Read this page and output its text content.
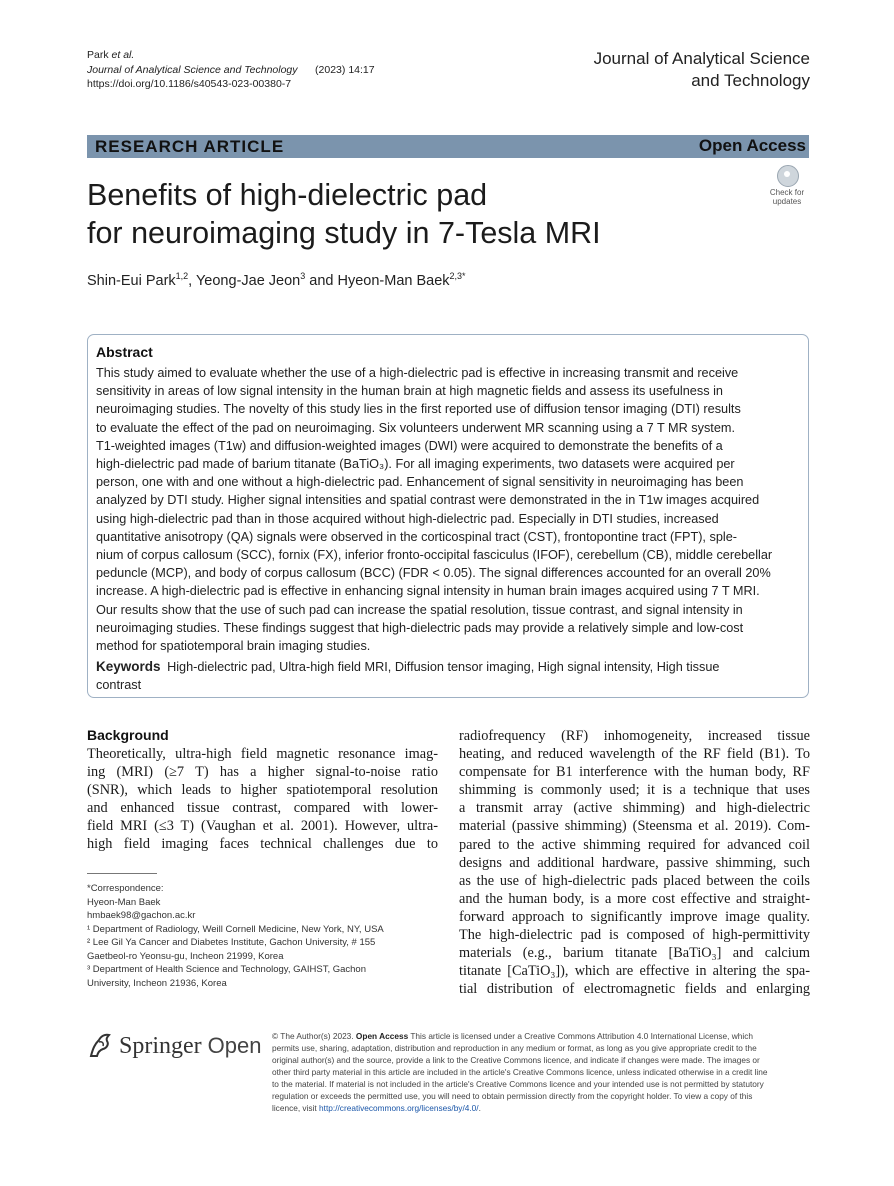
Park et al.
Journal of Analytical Science and Technology (2023) 14:17
https://doi.org/10.1186/s40543-023-00380-7
Journal of Analytical Science
and Technology
RESEARCH ARTICLE	Open Access
Benefits of high-dielectric pad
for neuroimaging study in 7-Tesla MRI
Check for
updates
Shin-Eui Park$^{1,2}$, Yeong-Jae Jeon$^3$ and Hyeon-Man Baek$^{2,3*}$
Abstract
This study aimed to evaluate whether the use of a high-dielectric pad is effective in increasing transmit and receive
sensitivity in areas of low signal intensity in the human brain at high magnetic fields and assess its usefulness in
neuroimaging studies. The novelty of this study lies in the first reported use of diffusion tensor imaging (DTI) results
to evaluate the effect of the pad on neuroimaging. Six volunteers underwent MR scanning using a 7 T MR system.
T1-weighted images (T1w) and diffusion-weighted images (DWI) were acquired to demonstrate the benefits of a
high-dielectric pad made of barium titanate (BaTiO₃). For all imaging experiments, two datasets were acquired per
person, one with and one without a high-dielectric pad. Enhancement of signal sensitivity in neuroimaging has been
analyzed by DTI study. Higher signal intensities and spatial contrast were demonstrated in the in T1w images acquired
using high-dielectric pad than in those acquired without high-dielectric pad. Especially in DTI studies, increased
quantitative anisotropy (QA) signals were observed in the corticospinal tract (CST), frontopontine tract (FPT), sple-
nium of corpus callosum (SCC), fornix (FX), inferior fronto-occipital fasciculus (IFOF), cerebellum (CB), middle cerebellar
peduncle (MCP), and body of corpus callosum (BCC) (FDR < 0.05). The signal differences accounted for an overall 20%
increase. A high-dielectric pad is effective in enhancing signal intensity in human brain images acquired using 7 T MRI.
Our results show that the use of such pad can increase the spatial resolution, tissue contrast, and signal intensity in
neuroimaging studies. These findings suggest that high-dielectric pads may provide a relatively simple and low-cost
method for spatiotemporal brain imaging studies.
Keywords High-dielectric pad, Ultra-high field MRI, Diffusion tensor imaging, High signal intensity, High tissue
contrast
Background
Theoretically, ultra-high field magnetic resonance imag-
ing (MRI) (≥7 T) has a higher signal-to-noise ratio
(SNR), which leads to higher spatiotemporal resolution
and enhanced tissue contrast, compared with lower-
field MRI (≤3 T) (Vaughan et al. 2001). However, ultra-
high field imaging faces technical challenges due to
radiofrequency (RF) inhomogeneity, increased tissue
heating, and reduced wavelength of the RF field (B1). To
compensate for B1 interference with the human body, RF
shimming is commonly used; it is a technique that uses
a transmit array (active shimming) and high-dielectric
material (passive shimming) (Steensma et al. 2019). Com-
pared to the active shimming required for advanced coil
designs and additional hardware, passive shimming, such
as the use of high-dielectric pads placed between the coils
and the human body, is a more cost effective and straight-
forward approach to significantly improve image quality.
The high-dielectric pad is composed of high-permittivity
materials (e.g., barium titanate [BaTiO₃] and calcium
titanate [CaTiO₃]), which are effective in altering the spa-
tial distribution of electromagnetic fields and enlarging
*Correspondence:
Hyeon-Man Baek
hmbaek98@gachon.ac.kr
¹ Department of Radiology, Weill Cornell Medicine, New York, NY, USA
² Lee Gil Ya Cancer and Diabetes Institute, Gachon University, # 155
Gaetbeol-ro Yeonsu-gu, Incheon 21999, Korea
³ Department of Health Science and Technology, GAIHST, Gachon
University, Incheon 21936, Korea
Springer Open © The Author(s) 2023. Open Access This article is licensed under a Creative Commons Attribution 4.0 International License, which
permits use, sharing, adaptation, distribution and reproduction in any medium or format, as long as you give appropriate credit to the
original author(s) and the source, provide a link to the Creative Commons licence, and indicate if changes were made. The images or
other third party material in this article are included in the article's Creative Commons licence, unless indicated otherwise in a credit line
to the material. If material is not included in the article's Creative Commons licence and your intended use is not permitted by statutory
regulation or exceeds the permitted use, you will need to obtain permission directly from the copyright holder. To view a copy of this
licence, visit http://creativecommons.org/licenses/by/4.0/.
